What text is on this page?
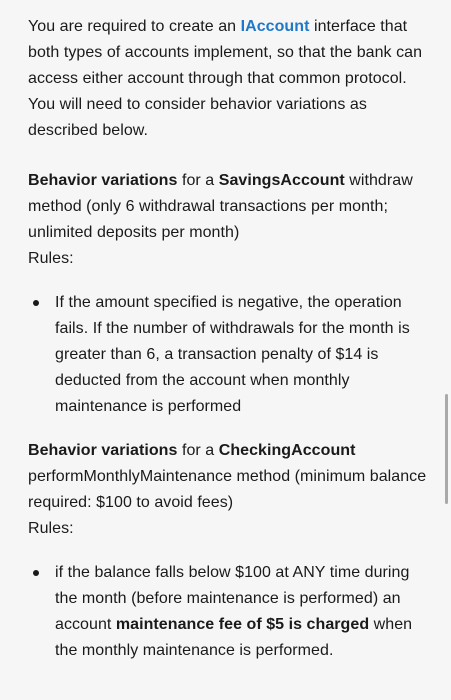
You are required to create an IAccount interface that both types of accounts implement, so that the bank can access either account through that common protocol. You will need to consider behavior variations as described below.

Behavior variations for a SavingsAccount withdraw method (only 6 withdrawal transactions per month; unlimited deposits per month)

Rules:

If the amount specified is negative, the operation fails. If the number of withdrawals for the month is greater than 6, a transaction penalty of $14 is deducted from the account when monthly maintenance is performed

Behavior variations for a CheckingAccount performMonthlyMaintenance method (minimum balance required: $100 to avoid fees)

Rules:

if the balance falls below $100 at ANY time during the month (before maintenance is performed) an account maintenance fee of $5 is charged when the monthly maintenance is performed.
